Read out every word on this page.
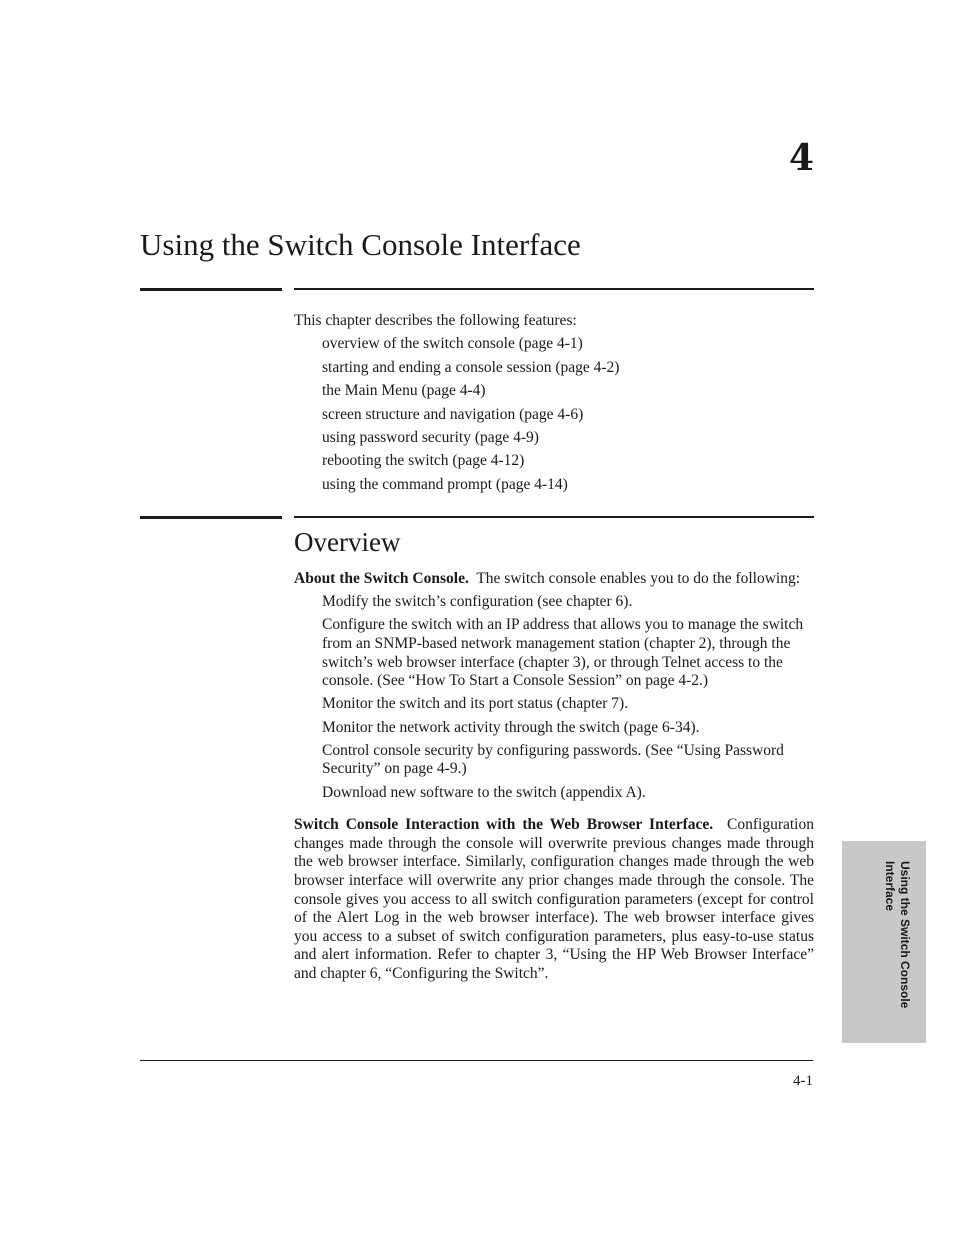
4
Using the Switch Console Interface

This chapter describes the following features:

overview of the switch console (page 4-1)
starting and ending a console session (page 4-2)
the Main Menu (page 4-4)
screen structure and navigation (page 4-6)
using password security (page 4-9)
rebooting the switch (page 4-12)
using the command prompt (page 4-14)
Overview

About the Switch Console. The switch console enables you to do the following:

Modify the switch’s configuration (see chapter 6).
Configure the switch with an IP address that allows you to manage the switch from an SNMP-based network management station (chapter 2), through the switch’s web browser interface (chapter 3), or through Telnet access to the console. (See “How To Start a Console Session” on page 4-2.)
Monitor the switch and its port status (chapter 7).
Monitor the network activity through the switch (page 6-34).
Control console security by configuring passwords. (See “Using Password Security” on page 4-9.)
Download new software to the switch (appendix A).

Switch Console Interaction with the Web Browser Interface. Configuration changes made through the console will overwrite previous changes made through the web browser interface. Similarly, configuration changes made through the web browser interface will overwrite any prior changes made through the console. The console gives you access to all switch configuration parameters (except for control of the Alert Log in the web browser interface). The web browser interface gives you access to a subset of switch configuration parameters, plus easy-to-use status and alert information. Refer to chapter 3, “Using the HP Web Browser Interface” and chapter 6, “Configuring the Switch”.	Using the Switch Console
Interface
4-1
